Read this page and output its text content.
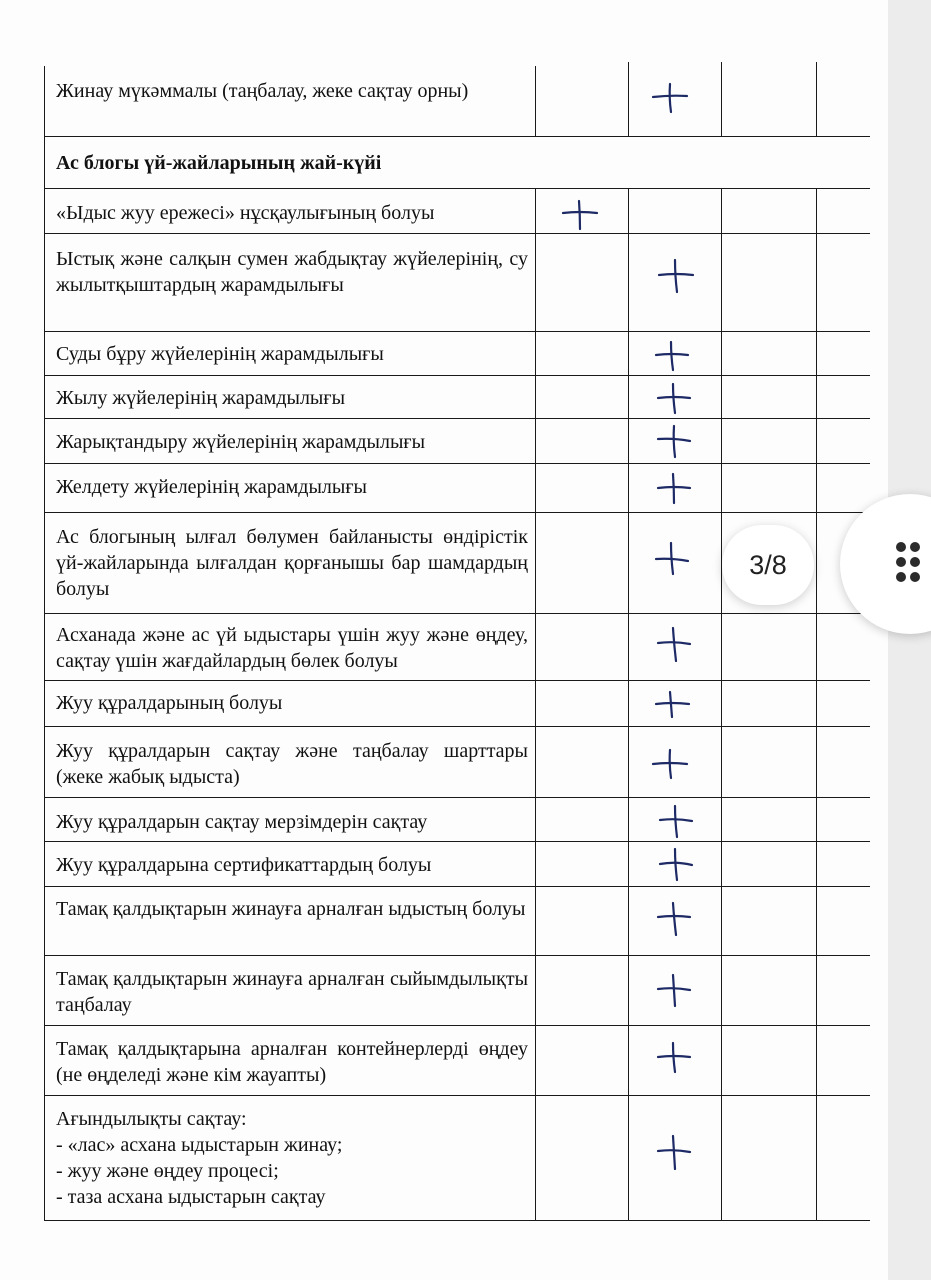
Жинау мүкәммалы (таңбалау, жеке сақтау орны)
Ас блогы үй-жайларының жай-күйі
«Ыдыс жуу ережесі» нұсқаулығының болуы
Ыстық және салқын сумен жабдықтау жүйелерінің, су жылытқыштардың жарамдылығы
Суды бұру жүйелерінің жарамдылығы
Жылу жүйелерінің жарамдылығы
Жарықтандыру жүйелерінің жарамдылығы
Желдету жүйелерінің жарамдылығы
Ас блогының ылғал бөлумен байланысты өндірістік үй-жайларында ылғалдан қорғанышы бар шамдардың болуы
Асханада және ас үй ыдыстары үшін жуу және өңдеу, сақтау үшін жағдайлардың бөлек болуы
Жуу құралдарының болуы
Жуу құралдарын сақтау және таңбалау шарттары (жеке жабық ыдыста)
Жуу құралдарын сақтау мерзімдерін сақтау
Жуу құралдарына сертификаттардың болуы
Тамақ қалдықтарын жинауға арналған ыдыстың болуы
Тамақ қалдықтарын жинауға арналған сыйымдылықты таңбалау
Тамақ қалдықтарына арналған контейнерлерді өңдеу (не өңделеді және кім жауапты)
Ағындылықты сақтау:
- «лас» асхана ыдыстарын жинау;
- жуу және өңдеу процесі;
- таза асхана ыдыстарын сақтау
3/8
